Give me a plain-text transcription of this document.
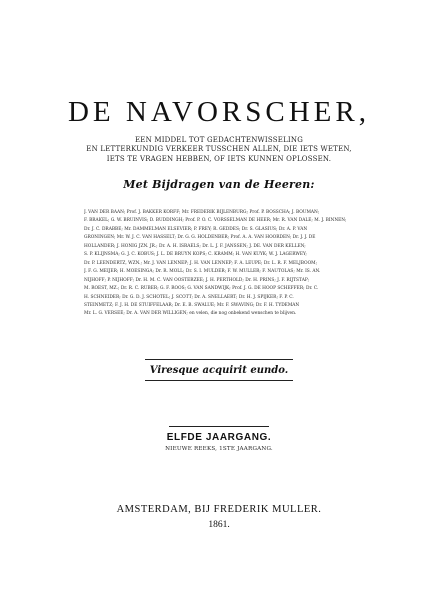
DE NAVORSCHER,
EEN MIDDEL TOT GEDACHTENWISSELING
EN LETTERKUNDIG VERKEER TUSSCHEN ALLEN, DIE IETS WETEN,
IETS TE VRAGEN HEBBEN, OF IETS KUNNEN OPLOSSEN.
Met Bijdragen van de Heeren:
J. VAN DER BAAN; Prof. J. BAKKER KORFF; Mr. FREDERIK BIJLENBURG; Prof. P. BOSSCHA; J. BOUMAN;
F. BRAKEL; G. W. BRUINVIS; D. BUDDINGH; Prof. P. O. C. VORSSELMAN DE HEER; Mr. R. VAN DALE; M. J. BINNEN;
Dr. J. C. DRABBE; Mr. DAMMELMAN ELSEVIER; P. FREY; R. GEDDES; Dr. S. GLASIUS; Dr. A. P. VAN
GRONINGEN; Mr. W. J. C. VAN HASSELT; Dr. G. G. HOLDENBER; Prof. A. A. VAN HOORDEN; Dr. J. J. DE
HOLLANDER; J. HONIG JZN. JR.; Dr. A. H. ISRAELS; Dr. L. J. F. JANSSEN; J. DE. VAN DER KELLEN;
S. P. KLIJNSMA; G. J. C. KOBUS; J. L. DE BRUYN KOPS; C. KRAMM; H. VAN KUYK; W. J. LAGERWEY;
Dr. P. LEENDERTZ, WZN.; Mr. J. VAN LENNEP; J. H. VAN LENNEP; F. A. LEUPE; Dr. L. R. F. MELJBOOM;
J. F. G. MEIJER; H. MOESINGA; Dr. R. MOLL; Dr. S. I. MULDER; F. W. MULLER; F. NAUTOLAS; Mr. IS. AN.
NIJHOFF; P. NIJHOFF; Dr. H. M. C. VAN OOSTERZEE; J. H. PERTHOLD; Dr. H. PRINS; J. F. RIJTSTAP;
M. ROEST, MZ.; Dr. R. C. RÜBER; G. F. ROOS; G. VAN SANDWIJK; Prof. J. G. DE HOOP SCHEFFER; Dr. C.
H. SCHNEIDER; Dr. G. D. J. SCHOTEL; J. SCOTT; Dr. A. SNELLAERT; Dr. H. J. SPIJKER; F. P. C.
STEINMETZ; F. J. H. DE STUIFFELAAR; Dr. E. B. SWALUË; Mr. F. SWAVING; Dr. F. H. TYDEMAN
Mr. L. G. VERSEÉ; Dr. A. VAN DER WILLIGEN; en velen, die nog onbekend wenschen te blijven.
Viresque acquirit eundo.
ELFDE JAARGANG.
NIEUWE REEKS, 1STE JAARGANG.
AMSTERDAM, BIJ FREDERIK MULLER.
1861.
